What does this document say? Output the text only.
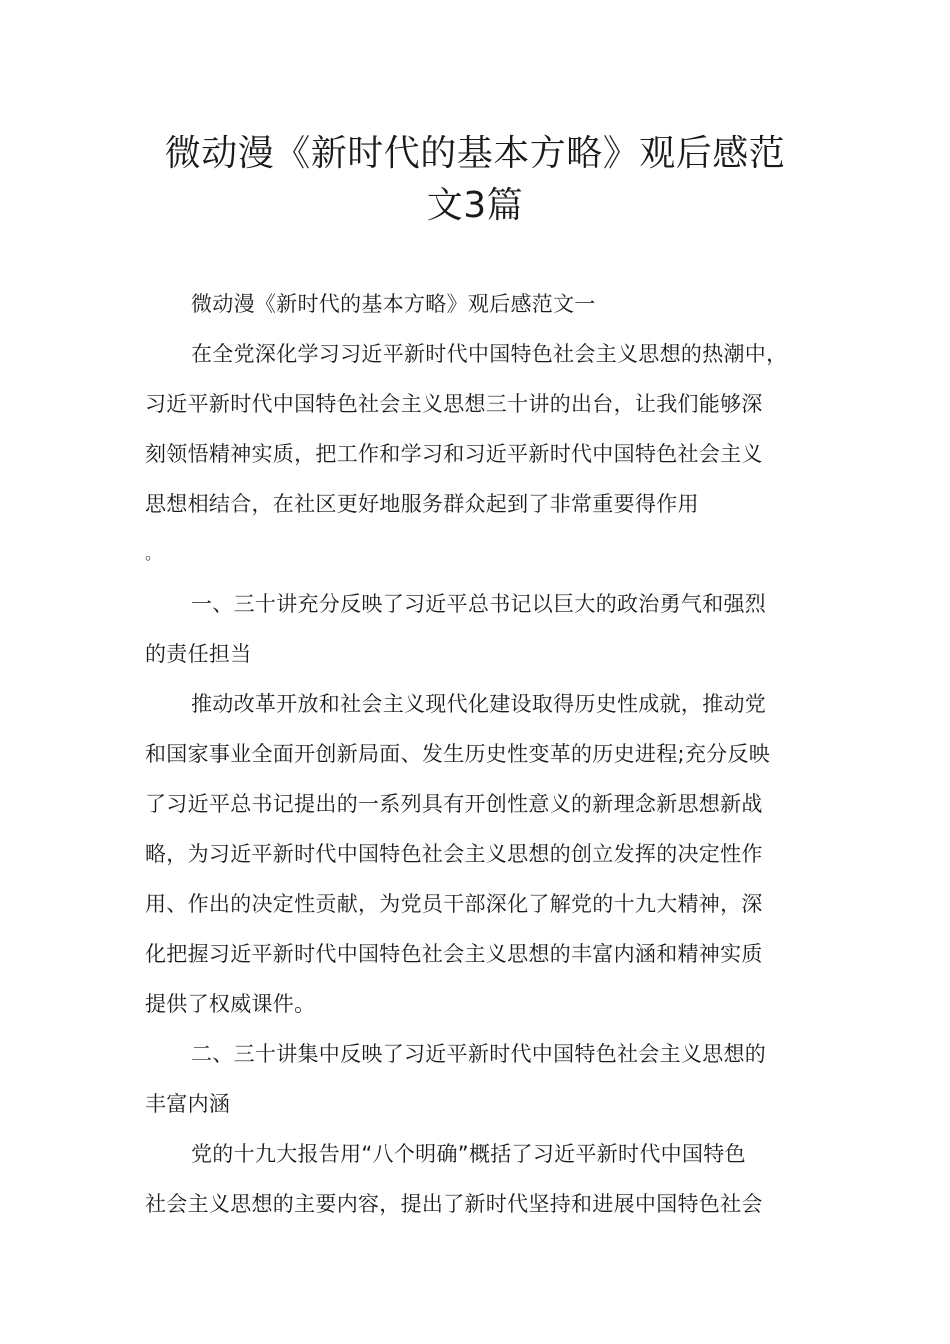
微动漫《新时代的基本方略》观后感范
文3篇
微动漫《新时代的基本方略》观后感范文一
在全党深化学习习近平新时代中国特色社会主义思想的热潮中，
习近平新时代中国特色社会主义思想三十讲的出台，让我们能够深
刻领悟精神实质，把工作和学习和习近平新时代中国特色社会主义
思想相结合，在社区更好地服务群众起到了非常重要得作用
。
一、三十讲充分反映了习近平总书记以巨大的政治勇气和强烈
的责任担当
推动改革开放和社会主义现代化建设取得历史性成就，推动党
和国家事业全面开创新局面、发生历史性变革的历史进程;充分反映
了习近平总书记提出的一系列具有开创性意义的新理念新思想新战
略，为习近平新时代中国特色社会主义思想的创立发挥的决定性作
用、作出的决定性贡献，为党员干部深化了解党的十九大精神，深
化把握习近平新时代中国特色社会主义思想的丰富内涵和精神实质
提供了权威课件。
二、三十讲集中反映了习近平新时代中国特色社会主义思想的
丰富内涵
党的十九大报告用“八个明确”概括了习近平新时代中国特色
社会主义思想的主要内容，提出了新时代坚持和进展中国特色社会
